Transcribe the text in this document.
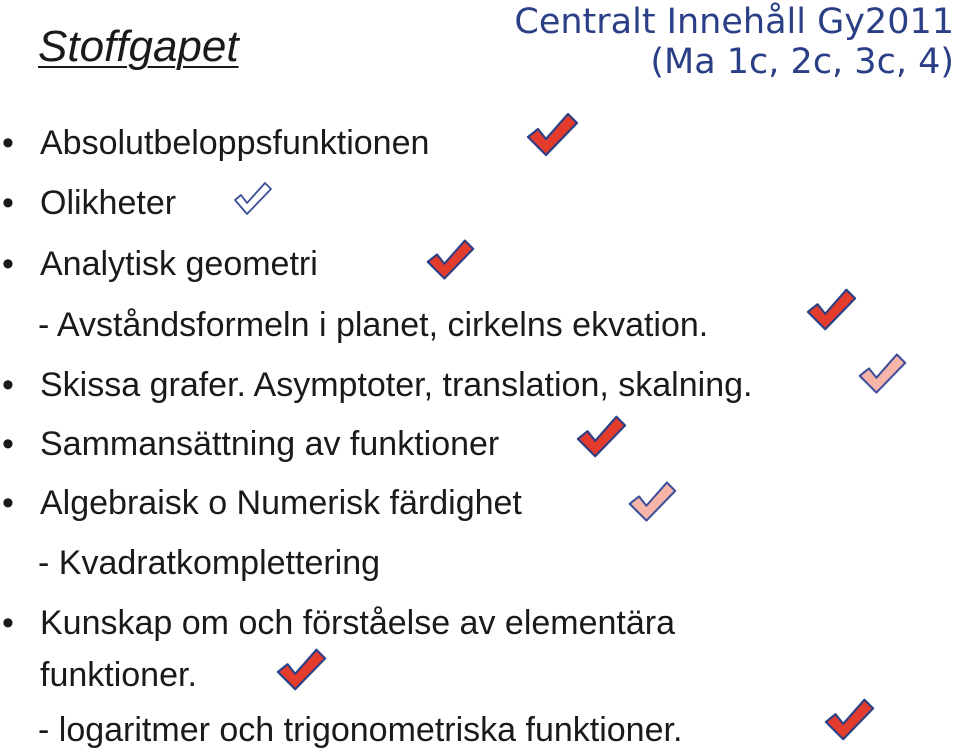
Stoffgapet	Centralt Innehåll Gy2011
(Ma 1c, 2c, 3c, 4)
• Absolutbeloppsfunktionen
• Olikheter
• Analytisk geometri
- Avståndsformeln i planet, cirkelns ekvation.
• Skissa grafer. Asymptoter, translation, skalning.
• Sammansättning av funktioner
• Algebraisk o Numerisk färdighet
- Kvadratkomplettering
• Kunskap om och förståelse av elementära
funktioner.
- logaritmer och trigonometriska funktioner.
